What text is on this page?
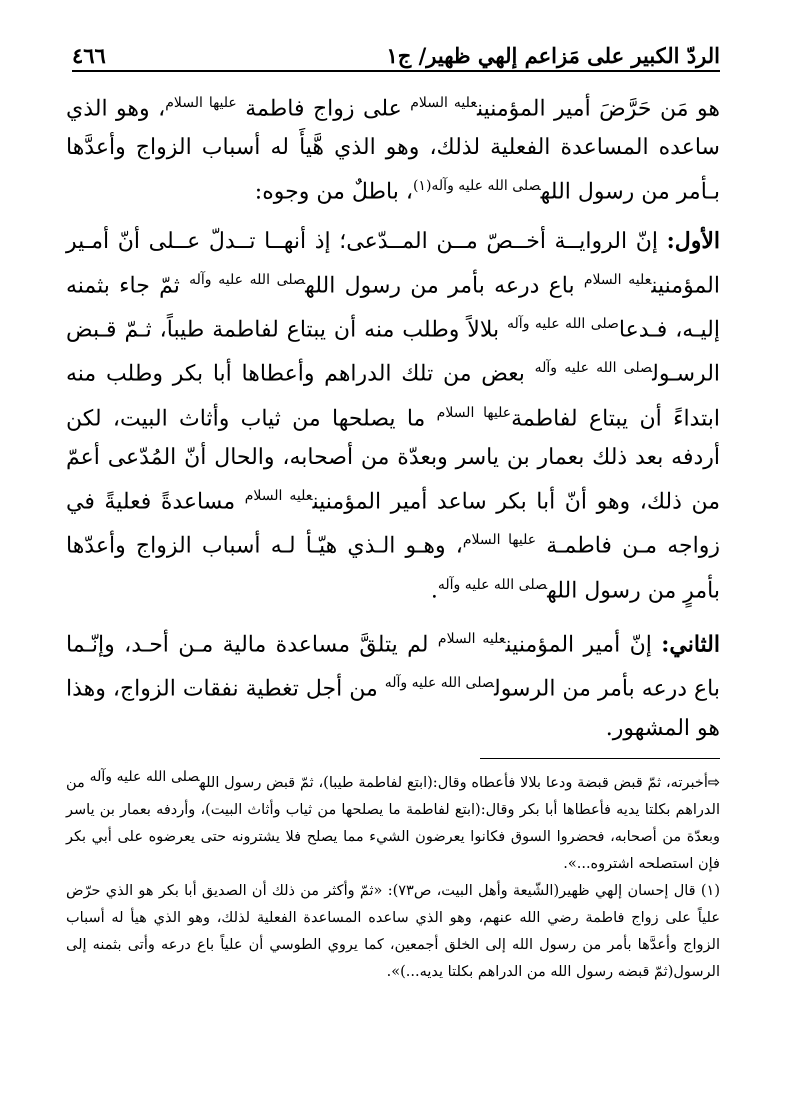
الردّ الكبير على مَزاعم إلهي ظهير/ ج١
٤٦٦

هو مَن حَرَّضَ أمير المؤمنين$^{عليه السلام}$ على زواج فاطمة $^{عليها السلام}$، وهو الذي ساعده المساعدة الفعلية لذلك، وهو الذي هَّيأَ له أسباب الزواج وأعدَّها بـأمر من رسول الله$^{صلى الله عليه وآله(١)}$، باطلٌ من وجوه:

الأول: إنّ الروايــة أخــصّ مــن المــدّعى؛ إذ أنهــا تــدلّ عــلى أنّ أمـير المؤمنين$^{عليه السلام}$ باع درعه بأمر من رسول الله$^{صلى الله عليه وآله}$ ثمّ جاء بثمنه إليـه، فـدعا$^{صلى الله عليه وآله}$ بلالاً وطلب منه أن يبتاع لفاطمة طيباً، ثـمّ قـبض الرسـول$^{صلى الله عليه وآله}$ بعض من تلك الدراهم وأعطاها أبا بكر وطلب منه ابتداءً أن يبتاع لفاطمة$^{عليها السلام}$ ما يصلحها من ثياب وأثاث البيت، لكن أردفه بعد ذلك بعمار بن ياسر وبعدّة من أصحابه، والحال أنّ المُدّعى أعمّ من ذلك، وهو أنّ أبا بكر ساعد أمير المؤمنين$^{عليه السلام}$ مساعدةً فعليةً في زواجه مـن فاطمـة $^{عليها السلام}$، وهـو الـذي هيّـأ لـه أسباب الزواج وأعدّها بأمرٍ من رسول الله$^{صلى الله عليه وآله}$.

الثاني: إنّ أمير المؤمنين$^{عليه السلام}$ لم يتلقَّ مساعدة مالية مـن أحـد، وإنّـما باع درعه بأمر من الرسول$^{صلى الله عليه وآله}$ من أجل تغطية نفقات الزواج، وهذا هو المشهور.

⇨أخبرته، ثمّ قبض قبضة ودعا بلالا فأعطاه وقال:(ابتع لفاطمة طيبا)، ثمّ قبض رسول اللهصلى الله عليه وآله من الدراهم بكلتا يديه فأعطاها أبا بكر وقال:(ابتع لفاطمة ما يصلحها من ثياب وأثاث البيت)، وأردفه بعمار بن ياسر وبعدّة من أصحابه، فحضروا السوق فكانوا يعرضون الشيء مما يصلح فلا يشترونه حتى يعرضوه على أبي بكر فإن استصلحه اشتروه...».

(١) قال إحسان إلهي ظهير(الشّيعة وأهل البيت، ص٧٣): «ثمّ وأكثر من ذلك أن الصديق أبا بكر هو الذي حرّض علياً على زواج فاطمة رضي الله عنهم، وهو الذي ساعده المساعدة الفعلية لذلك، وهو الذي هيأ له أسباب الزواج وأعدَّها بأمر من رسول الله إلى الخلق أجمعين، كما يروي الطوسي أن علياً باع درعه وأتى بثمنه إلى الرسول(ثمّ قبضه رسول الله من الدراهم بكلتا يديه...)».
